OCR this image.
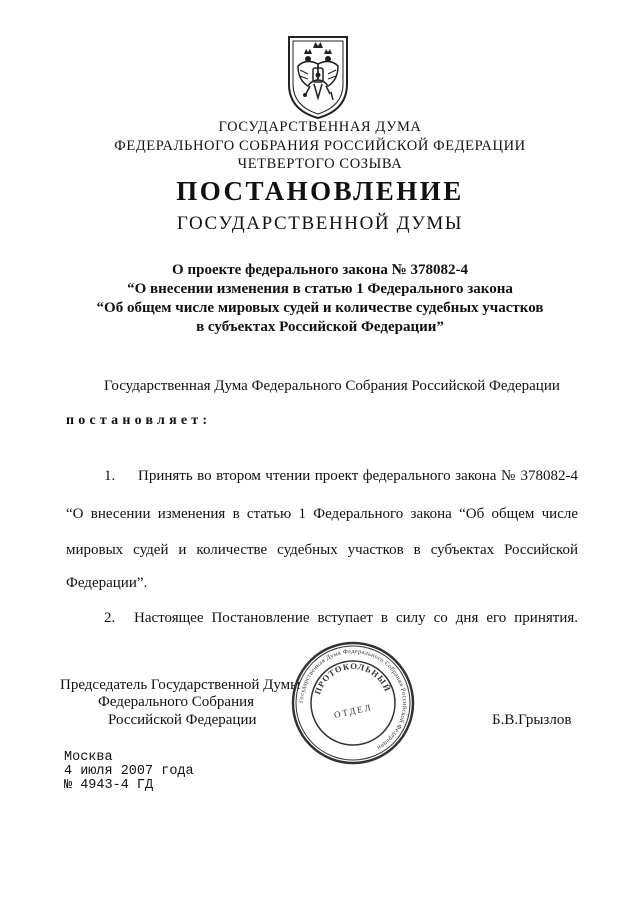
ГОСУДАРСТВЕННАЯ ДУМА
ФЕДЕРАЛЬНОГО СОБРАНИЯ РОССИЙСКОЙ ФЕДЕРАЦИИ
ЧЕТВЕРТОГО СОЗЫВА
ПОСТАНОВЛЕНИЕ
ГОСУДАРСТВЕННОЙ ДУМЫ
О проекте федерального закона № 378082-4
“О внесении изменения в статью 1 Федерального закона
“Об общем числе мировых судей и количестве судебных участков
в субъектах Российской Федерации”
Государственная Дума Федерального Собрания Российской Федерации
постановляет:
1. Принять во втором чтении проект федерального закона № 378082-4
“О внесении изменения в статью 1 Федерального закона “Об общем числе
мировых судей и количестве судебных участков в субъектах Российской
Федерации”.
2. Настоящее Постановление вступает в силу со дня его принятия.
Председатель Государственной Думы
Федерального Собрания
Российской Федерации	Б.В.Грызлов
Государственная Дума Федерального Собрания Российской Федерации
ПРОТОКОЛЬНЫЙ
ОТДЕЛ
Москва
4 июля 2007 года
№ 4943-4 ГД
